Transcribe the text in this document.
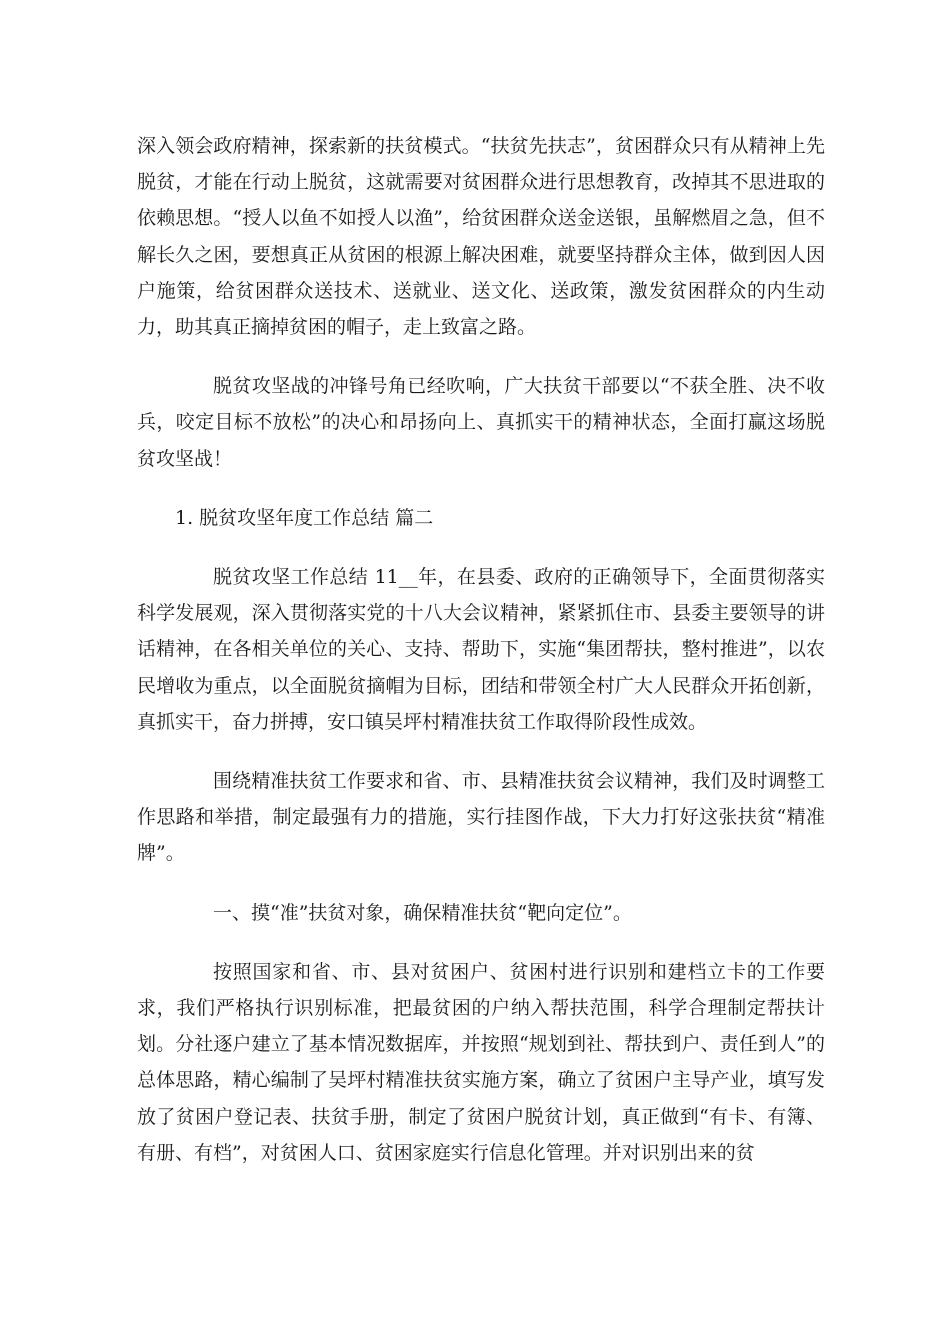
深入领会政府精神，探索新的扶贫模式。“扶贫先扶志”，贫困群众只有从精神上先脱贫，才能在行动上脱贫，这就需要对贫困群众进行思想教育，改掉其不思进取的依赖思想。“授人以鱼不如授人以渔”，给贫困群众送金送银，虽解燃眉之急，但不解长久之困，要想真正从贫困的根源上解决困难，就要坚持群众主体，做到因人因户施策，给贫困群众送技术、送就业、送文化、送政策，激发贫困群众的内生动力，助其真正摘掉贫困的帽子，走上致富之路。

脱贫攻坚战的冲锋号角已经吹响，广大扶贫干部要以“不获全胜、决不收兵，咬定目标不放松”的决心和昂扬向上、真抓实干的精神状态，全面打赢这场脱贫攻坚战！

1. 脱贫攻坚年度工作总结 篇二

脱贫攻坚工作总结 11__年，在县委、政府的正确领导下，全面贯彻落实科学发展观，深入贯彻落实党的十八大会议精神，紧紧抓住市、县委主要领导的讲话精神，在各相关单位的关心、支持、帮助下，实施“集团帮扶，整村推进”，以农民增收为重点，以全面脱贫摘帽为目标，团结和带领全村广大人民群众开拓创新，真抓实干，奋力拼搏，安口镇吴坪村精准扶贫工作取得阶段性成效。

围绕精准扶贫工作要求和省、市、县精准扶贫会议精神，我们及时调整工作思路和举措，制定最强有力的措施，实行挂图作战，下大力打好这张扶贫“精准牌”。

一、摸“准”扶贫对象，确保精准扶贫“靶向定位”。

按照国家和省、市、县对贫困户、贫困村进行识别和建档立卡的工作要求，我们严格执行识别标准，把最贫困的户纳入帮扶范围，科学合理制定帮扶计划。分社逐户建立了基本情况数据库，并按照“规划到社、帮扶到户、责任到人”的总体思路，精心编制了吴坪村精准扶贫实施方案，确立了贫困户主导产业，填写发放了贫困户登记表、扶贫手册，制定了贫困户脱贫计划，真正做到“有卡、有簿、有册、有档”，对贫困人口、贫困家庭实行信息化管理。并对识别出来的贫
